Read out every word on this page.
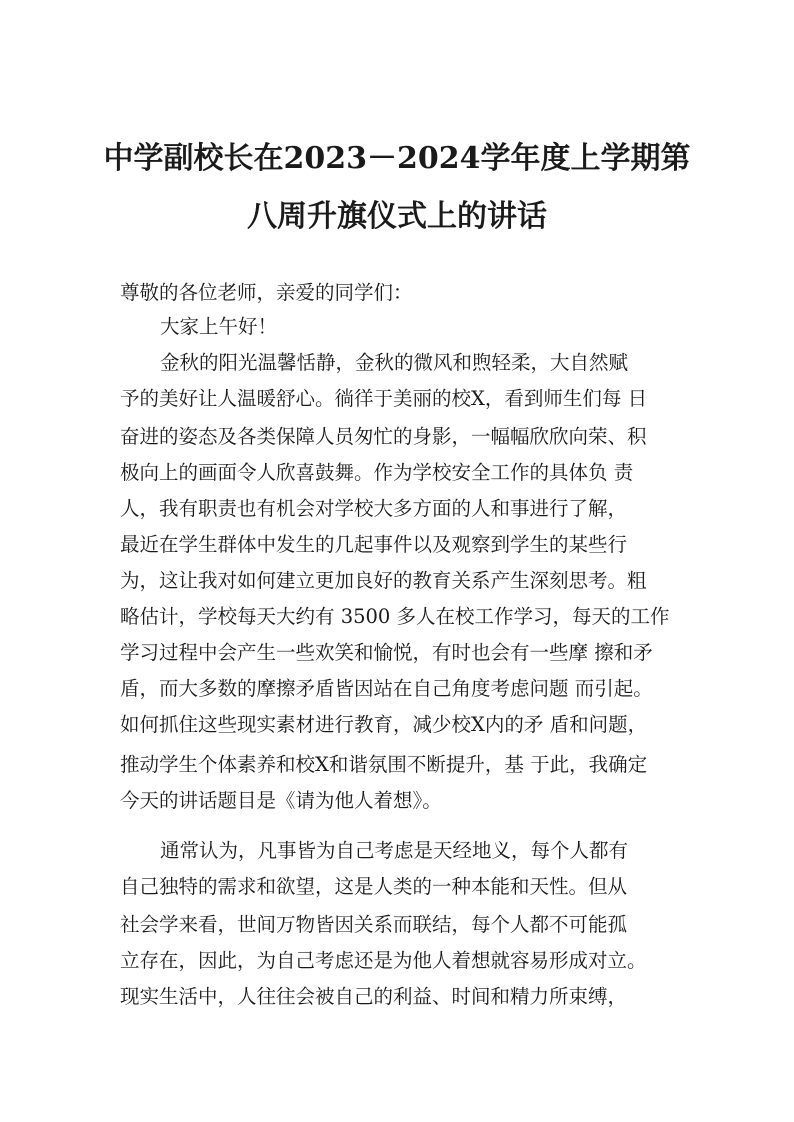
中学副校长在2023－2024学年度上学期第
八周升旗仪式上的讲话
尊敬的各位老师，亲爱的同学们：
大家上午好！
金秋的阳光温馨恬静，金秋的微风和煦轻柔，大自然赋
予的美好让人温暖舒心。徜徉于美丽的校X，看到师生们每 日
奋进的姿态及各类保障人员匆忙的身影，一幅幅欣欣向荣、积
极向上的画面令人欣喜鼓舞。作为学校安全工作的具体负 责
人，我有职责也有机会对学校大多方面的人和事进行了解，
最近在学生群体中发生的几起事件以及观察到学生的某些行
为，这让我对如何建立更加良好的教育关系产生深刻思考。粗
略估计，学校每天大约有 3500 多人在校工作学习，每天的工作
学习过程中会产生一些欢笑和愉悦，有时也会有一些摩 擦和矛
盾，而大多数的摩擦矛盾皆因站在自己角度考虑问题 而引起。
如何抓住这些现实素材进行教育，减少校X内的矛 盾和问题，
推动学生个体素养和校X和谐氛围不断提升，基 于此，我确定
今天的讲话题目是《请为他人着想》。
通常认为，凡事皆为自己考虑是天经地义，每个人都有
自己独特的需求和欲望，这是人类的一种本能和天性。但从
社会学来看，世间万物皆因关系而联结，每个人都不可能孤
立存在，因此，为自己考虑还是为他人着想就容易形成对立。
现实生活中，人往往会被自己的利益、时间和精力所束缚，
